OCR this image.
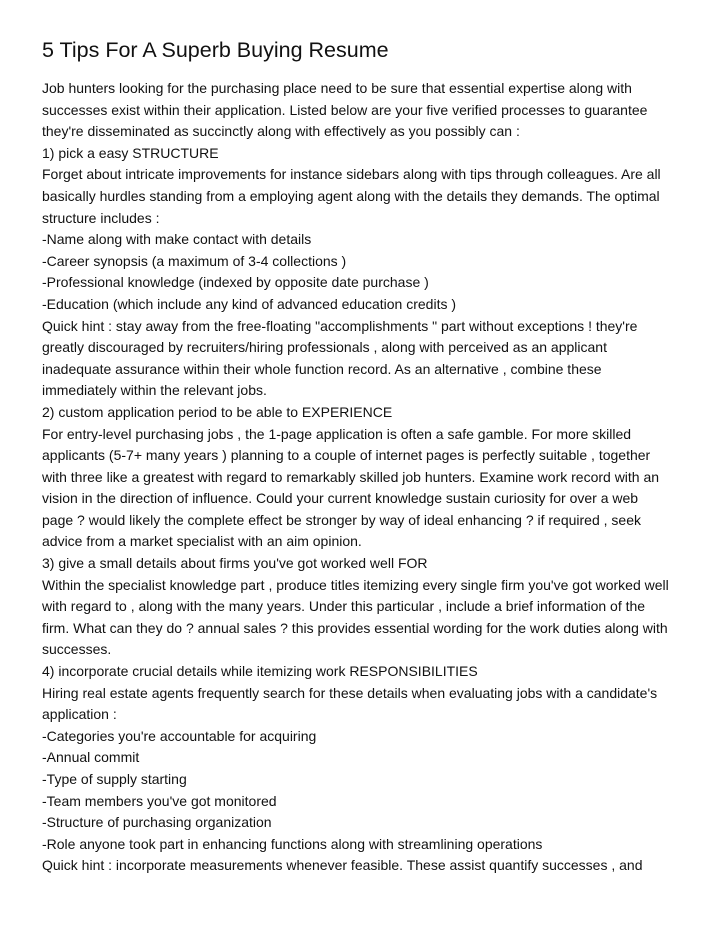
5 Tips For A Superb Buying Resume
Job hunters looking for the purchasing place need to be sure that essential expertise along with
successes exist within their application. Listed below are your five verified processes to guarantee
they're disseminated as succinctly along with effectively as you possibly can :
1) pick a easy STRUCTURE
Forget about intricate improvements for instance sidebars along with tips through colleagues. Are all
basically hurdles standing from a employing agent along with the details they demands. The optimal
structure includes :
-Name along with make contact with details
-Career synopsis (a maximum of 3-4 collections )
-Professional knowledge (indexed by opposite date purchase )
-Education (which include any kind of advanced education credits )
Quick hint : stay away from the free-floating "accomplishments " part without exceptions ! they're
greatly discouraged by recruiters/hiring professionals , along with perceived as an applicant
inadequate assurance within their whole function record. As an alternative , combine these
immediately within the relevant jobs.
2) custom application period to be able to EXPERIENCE
For entry-level purchasing jobs , the 1-page application is often a safe gamble. For more skilled
applicants (5-7+ many years ) planning to a couple of internet pages is perfectly suitable , together
with three like a greatest with regard to remarkably skilled job hunters. Examine work record with an
vision in the direction of influence. Could your current knowledge sustain curiosity for over a web
page ? would likely the complete effect be stronger by way of ideal enhancing ? if required , seek
advice from a market specialist with an aim opinion.
3) give a small details about firms you've got worked well FOR
Within the specialist knowledge part , produce titles itemizing every single firm you've got worked well
with regard to , along with the many years. Under this particular , include a brief information of the
firm. What can they do ? annual sales ? this provides essential wording for the work duties along with
successes.
4) incorporate crucial details while itemizing work RESPONSIBILITIES
Hiring real estate agents frequently search for these details when evaluating jobs with a candidate's
application :
-Categories you're accountable for acquiring
-Annual commit
-Type of supply starting
-Team members you've got monitored
-Structure of purchasing organization
-Role anyone took part in enhancing functions along with streamlining operations
Quick hint : incorporate measurements whenever feasible. These assist quantify successes , and
